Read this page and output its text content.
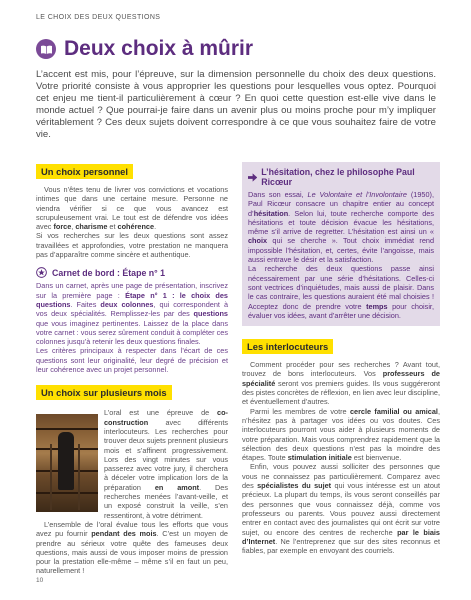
LE CHOIX DES DEUX QUESTIONS
Deux choix à mûrir

L’accent est mis, pour l’épreuve, sur la dimension personnelle du choix des deux questions. Votre priorité consiste à vous approprier les questions pour lesquelles vous optez. Pourquoi cet enjeu me tient-il particulièrement à cœur ? En quoi cette question est-elle vive dans le monde actuel ? Que pourrai-je faire dans un avenir plus ou moins proche pour m’y impliquer véritablement ? Ces deux sujets doivent correspondre à ce que vous souhaitez faire de votre vie.

Un choix personnel

Vous n’êtes tenu de livrer vos convictions et vocations intimes que dans une certaine mesure. Personne ne viendra vérifier si ce que vous avancez est scrupuleusement vrai. Le tout est de défendre vos idées avec force, charisme et cohérence.

Si vos recherches sur les deux questions sont assez travaillées et approfondies, votre prestation ne manquera pas d’apparaître comme sincère et authentique.

Carnet de bord : Étape n° 1

Dans un carnet, après une page de présentation, inscrivez sur la première page : Étape n° 1 : le choix des questions. Faites deux colonnes, qui correspondent à vos deux spécialités. Remplissez-les par des questions que vous imaginez pertinentes. Laissez de la place dans votre carnet : vous serez sûrement conduit à compléter ces colonnes jusqu’à retenir les deux questions finales.

Les critères principaux à respecter dans l’écart de ces questions sont leur originalité, leur degré de précision et leur cohérence avec un projet personnel.

Un choix sur plusieurs mois

L’oral est une épreuve de co-construction avec différents interlocuteurs. Les recherches pour trouver deux sujets prennent plusieurs mois et s’affinent progressivement. Lors des vingt minutes sur vous passerez avec votre jury, il cherchera à déceler votre implication lors de la préparation en amont. Des recherches menées l’avant-veille, et un exposé construit la veille, s’en ressentiront, à votre détriment.

L’ensemble de l’oral évalue tous les efforts que vous avez pu fournir pendant des mois. C’est un moyen de prendre au sérieux votre quête des fameuses deux questions, mais aussi de vous imposer moins de pression pour la prestation elle-même – même s’il en faut un peu, naturellement !

L’hésitation, chez le philosophe Paul Ricœur

Dans son essai, Le Volontaire et l’Involontaire (1950), Paul Ricœur consacre un chapitre entier au concept d’hésitation. Selon lui, toute recherche comporte des hésitations et toute décision évacue les hésitations, même s’il arrive de regretter. L’hésitation est ainsi un « choix qui se cherche ». Tout choix immédiat rend impossible l’hésitation, et, certes, évite l’angoisse, mais aussi entrave le désir et la satisfaction.

La recherche des deux questions passe ainsi nécessairement par une série d’hésitations. Celles-ci sont vectrices d’inquiétudes, mais aussi de plaisir. Dans le cas contraire, les questions auraient été mal choisies ! Acceptez donc de prendre votre temps pour choisir, évaluer vos idées, avant d’arrêter une décision.

Les interlocuteurs

Comment procéder pour ses recherches ? Avant tout, trouvez de bons interlocuteurs. Vos professeurs de spécialité seront vos premiers guides. Ils vous suggéreront des pistes concrètes de réflexion, en lien avec leur discipline, et éventuellement d’autres.

Parmi les membres de votre cercle familial ou amical, n’hésitez pas à partager vos idées ou vos doutes. Ces interlocuteurs pourront vous aider à plusieurs moments de votre préparation. Mais vous comprendrez rapidement que la sélection des deux questions n’est pas la moindre des étapes. Toute stimulation initiale est bienvenue.

Enfin, vous pouvez aussi solliciter des personnes que vous ne connaissez pas particulièrement. Comparez avec des spécialistes du sujet qui vous intéresse est un atout précieux. La plupart du temps, ils vous seront conseillés par des personnes que vous connaissez déjà, comme vos professeurs ou parents. Vous pouvez aussi directement entrer en contact avec des journalistes qui ont écrit sur votre sujet, ou encore des centres de recherche par le biais d’Internet. Ne l’entreprenez que sur des sites reconnus et fiables, par exemple en envoyant des courriels.

10
